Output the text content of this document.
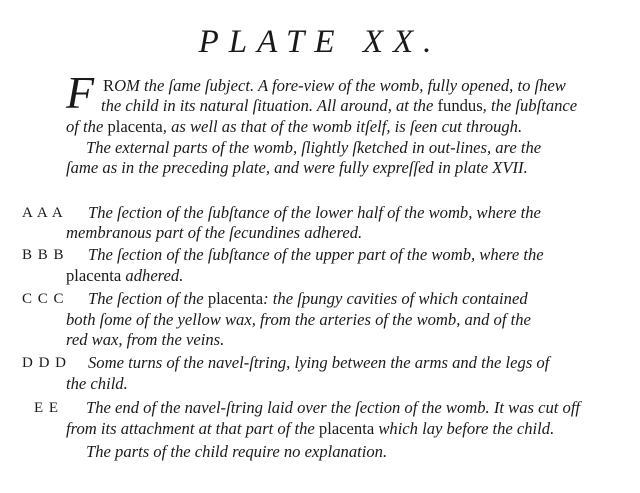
PLATE XX.
F ROM the ſame ſubject. A fore-view of the womb, fully opened, to ſhew
the child in its natural ſituation. All around, at the fundus, the ſubſtance
of the placenta, as well as that of the womb itſelf, is ſeen cut through.
The external parts of the womb, ſlightly ſketched in out-lines, are the
ſame as in the preceding plate, and were fully expreſſed in plate XVII.
A A A The ſection of the ſubſtance of the lower half of the womb, where the
membranous part of the ſecundines adhered.
B B B The ſection of the ſubſtance of the upper part of the womb, where the
placenta adhered.
C C C The ſection of the placenta: the ſpungy cavities of which contained
both ſome of the yellow wax, from the arteries of the womb, and of the
red wax, from the veins.
D D D Some turns of the navel-ſtring, lying between the arms and the legs of
the child.
E E The end of the navel-ſtring laid over the ſection of the womb. It was cut off
from its attachment at that part of the placenta which lay before the child.
The parts of the child require no explanation.
